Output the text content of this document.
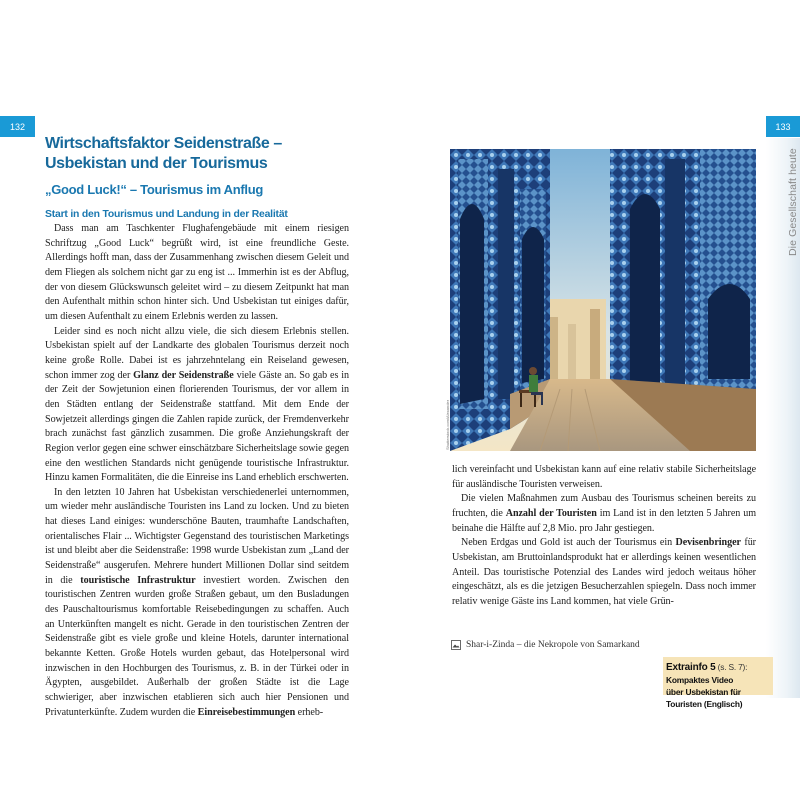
132	133
Die Gesellschaft heute
Wirtschaftsfaktor Seidenstraße –
Usbekistan und der Tourismus
„Good Luck!“ – Tourismus im Anflug
Start in den Tourismus und Landung in der Realität

Dass man am Taschkenter Flughafengebäude mit einem riesigen Schriftzug „Good Luck“ begrüßt wird, ist eine freundliche Geste. Allerdings hofft man, dass der Zusammenhang zwischen diesem Geleit und dem Fliegen als solchem nicht gar zu eng ist ... Immerhin ist es der Abflug, der von diesem Glückswunsch geleitet wird – zu diesem Zeitpunkt hat man den Aufenthalt mithin schon hinter sich. Und Usbekistan tut einiges dafür, um diesen Aufenthalt zu einem Erlebnis werden zu lassen.

Leider sind es noch nicht allzu viele, die sich diesem Erlebnis stellen. Usbekistan spielt auf der Landkarte des globalen Tourismus derzeit noch keine große Rolle. Dabei ist es jahrzehntelang ein Reiseland gewesen, schon immer zog der Glanz der Seidenstraße viele Gäste an. So gab es in der Zeit der Sowjetunion einen florierenden Tourismus, der vor allem in den Städten entlang der Seidenstraße stattfand. Mit dem Ende der Sowjetzeit allerdings gingen die Zahlen rapide zurück, der Fremdenverkehr brach zunächst fast gänzlich zusammen. Die große Anziehungskraft der Region verlor gegen eine schwer einschätzbare Sicherheitslage sowie gegen eine den westlichen Standards nicht genügende touristische Infrastruktur. Hinzu kamen Formalitäten, die die Einreise ins Land erheblich erschwerten.

In den letzten 10 Jahren hat Usbekistan verschiedenerlei unternommen, um wieder mehr ausländische Touristen ins Land zu locken. Und zu bieten hat dieses Land einiges: wunderschöne Bauten, traumhafte Landschaften, orientalisches Flair ... Wichtigster Gegenstand des touristischen Marketings ist und bleibt aber die Seidenstraße: 1998 wurde Usbekistan zum „Land der Seidenstraße“ ausgerufen. Mehrere hundert Millionen Dollar sind seitdem in die touristische Infrastruktur investiert worden. Zwischen den touristischen Zentren wurden große Straßen gebaut, um den Busladungen des Pauschaltourismus komfortable Reisebedingungen zu schaffen. Auch an Unterkünften mangelt es nicht. Gerade in den touristischen Zentren der Seidenstraße gibt es viele große und kleine Hotels, darunter international bekannte Ketten. Große Hotels wurden gebaut, das Hotelpersonal wird inzwischen in den Hochburgen des Tourismus, z. B. in der Türkei oder in Ägypten, ausgebildet. Außerhalb der großen Städte ist die Lage schwieriger, aber inzwischen etablieren sich auch hier Pensionen und Privatunterkünfte. Zudem wurden die Einreisebestimmungen erheb-

Shutterstock.com/Alexander

lich vereinfacht und Usbekistan kann auf eine relativ stabile Sicherheitslage für ausländische Touristen verweisen.

Die vielen Maßnahmen zum Ausbau des Tourismus scheinen bereits zu fruchten, die Anzahl der Touristen im Land ist in den letzten 5 Jahren um beinahe die Hälfte auf 2,8 Mio. pro Jahr gestiegen.

Neben Erdgas und Gold ist auch der Tourismus ein Devisenbringer für Usbekistan, am Bruttoinlandsprodukt hat er allerdings keinen wesentlichen Anteil. Das touristische Potenzial des Landes wird jedoch weitaus höher eingeschätzt, als es die jetzigen Besucherzahlen spiegeln. Dass noch immer relativ wenige Gäste ins Land kommen, hat viele Grün-

Shar-i-Zinda – die Nekropole von Samarkand
Extrainfo 5 (s. S. 7): Kompaktes Video
über Usbekistan für Touristen (Englisch)
